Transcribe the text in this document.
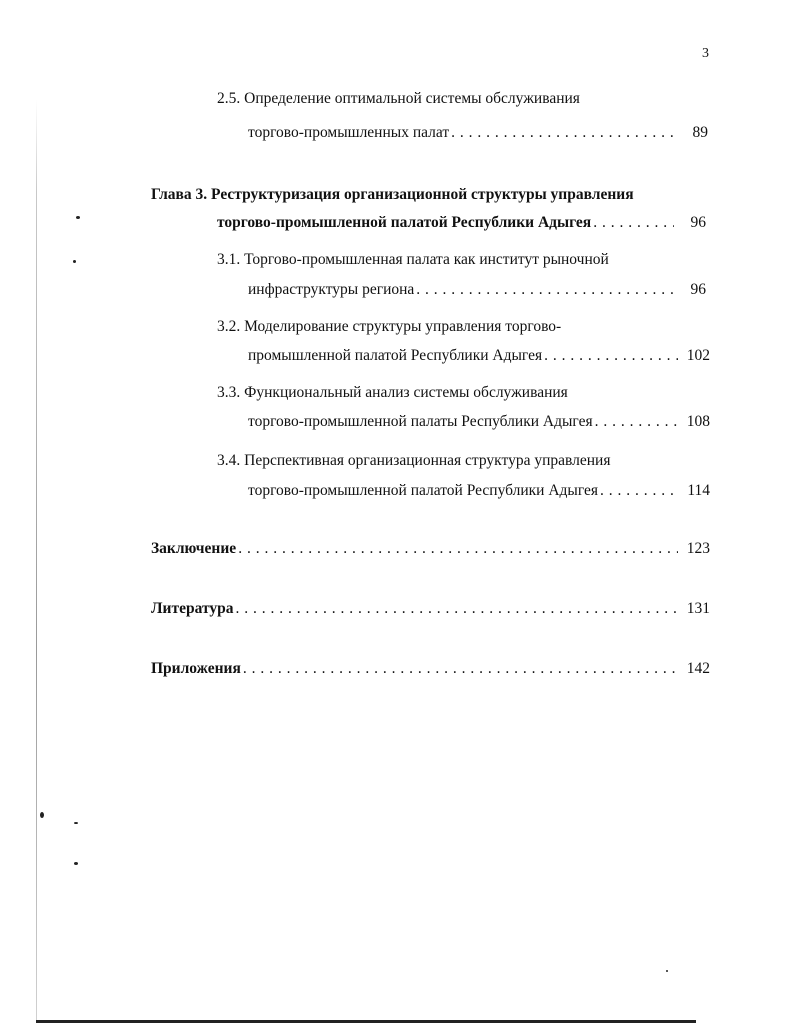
3
2.5. Определение оптимальной системы обслуживания
торгово-промышленных палат . . .	89
Глава 3. Реструктуризация организационной структуры управления
торгово-промышленной палатой Республики Адыгея . . .	96
3.1. Торгово-промышленная палата как институт рыночной
инфраструктуры региона . . .	96
3.2. Моделирование структуры управления торгово-
промышленной палатой Республики Адыгея . . .	102
3.3. Функциональный анализ системы обслуживания
торгово-промышленной палаты Республики Адыгея . . .	108
3.4. Перспективная организационная структура управления
торгово-промышленной палатой Республики Адыгея . . .	114
Заключение . . .	123
Литература . . .	131
Приложения . . .	142
